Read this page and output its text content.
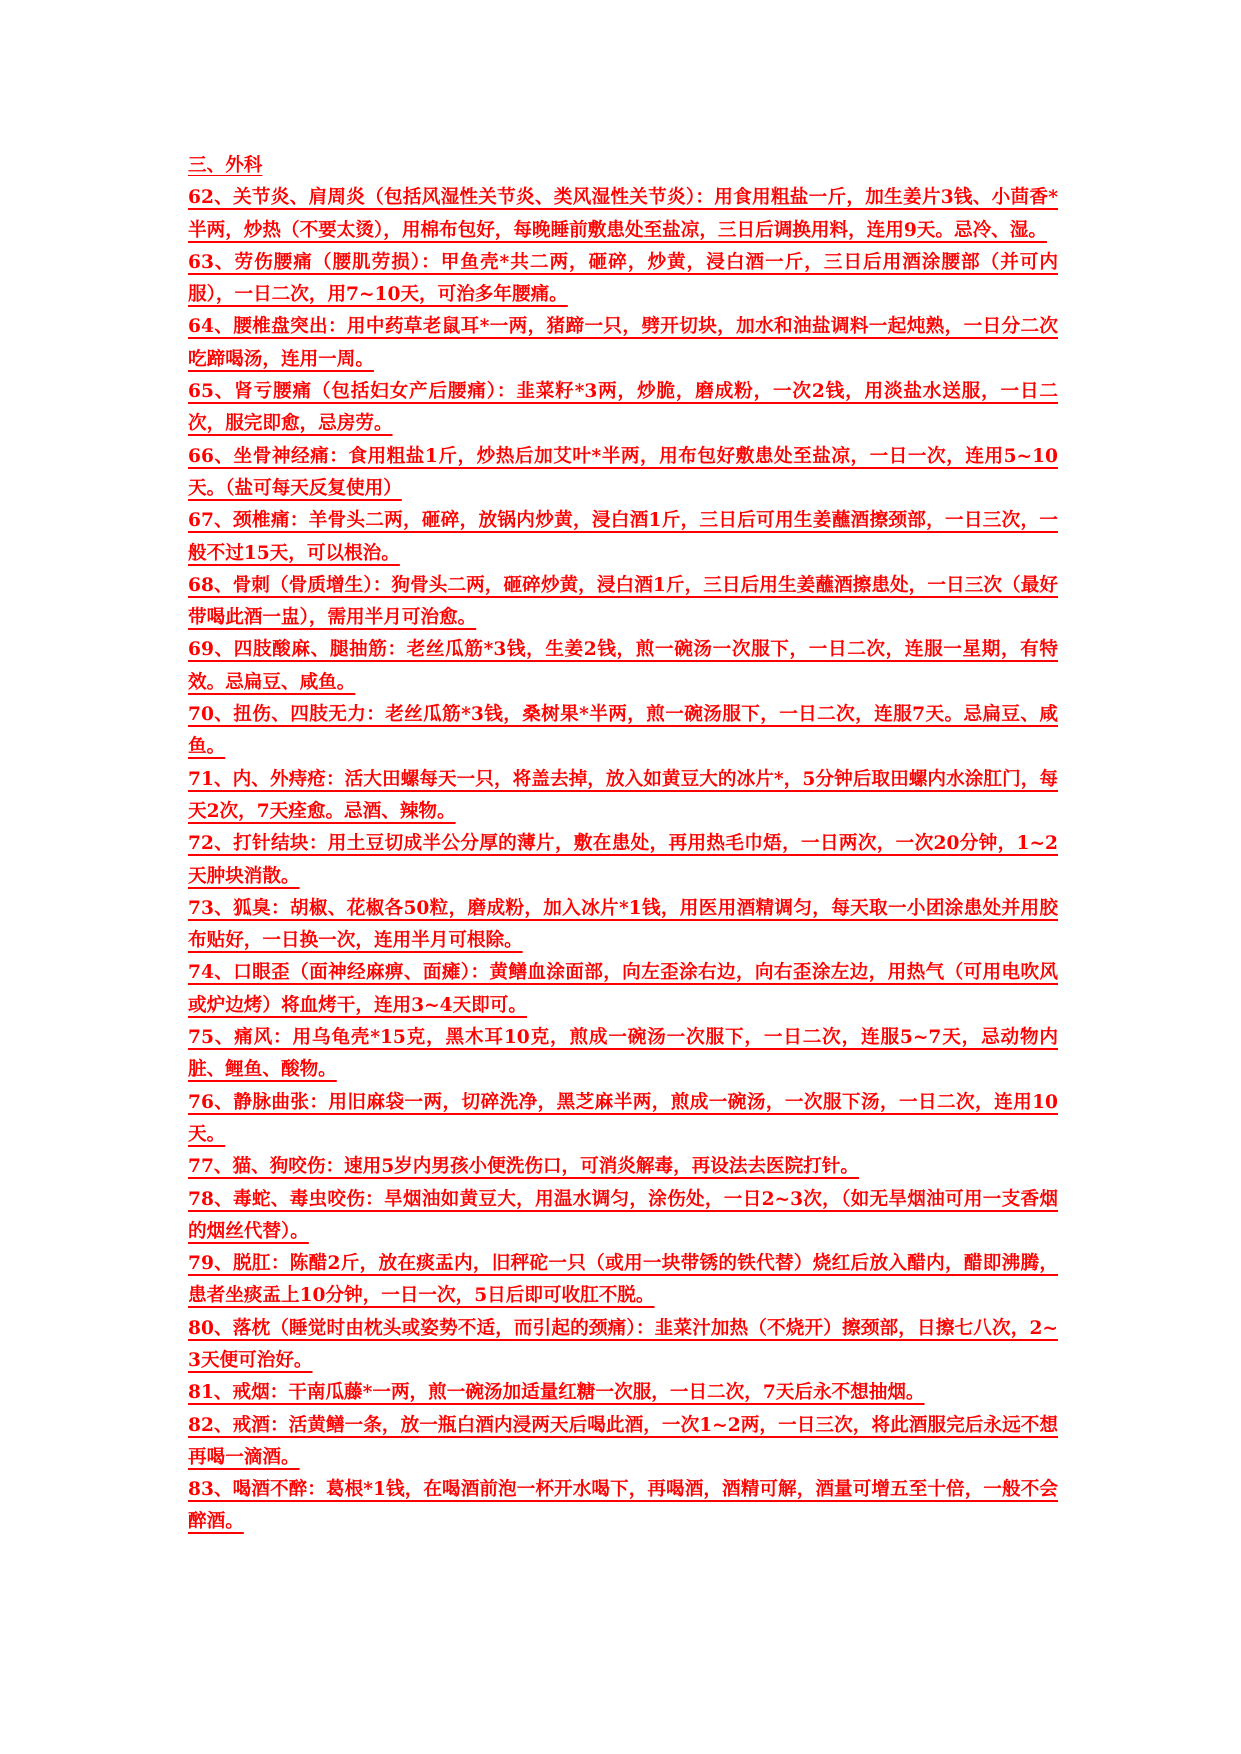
三、外科

62、关节炎、肩周炎（包括风湿性关节炎、类风湿性关节炎）：用食用粗盐一斤，加生姜片3钱、小茴香*半两，炒热（不要太烫），用棉布包好，每晚睡前敷患处至盐凉，三日后调换用料，连用9天。忌冷、湿。

63、劳伤腰痛（腰肌劳损）：甲鱼壳*共二两，砸碎，炒黄，浸白酒一斤，三日后用酒涂腰部（并可内服），一日二次，用7~10天，可治多年腰痛。

64、腰椎盘突出：用中药草老鼠耳*一两，猪蹄一只，劈开切块，加水和油盐调料一起炖熟，一日分二次吃蹄喝汤，连用一周。

65、肾亏腰痛（包括妇女产后腰痛）：韭菜籽*3两，炒脆，磨成粉，一次2钱，用淡盐水送服，一日二次，服完即愈，忌房劳。

66、坐骨神经痛：食用粗盐1斤，炒热后加艾叶*半两，用布包好敷患处至盐凉，一日一次，连用5~10天。（盐可每天反复使用）

67、颈椎痛：羊骨头二两，砸碎，放锅内炒黄，浸白酒1斤，三日后可用生姜蘸酒擦颈部，一日三次，一般不过15天，可以根治。

68、骨刺（骨质增生）：狗骨头二两，砸碎炒黄，浸白酒1斤，三日后用生姜蘸酒擦患处，一日三次（最好带喝此酒一盅），需用半月可治愈。

69、四肢酸麻、腿抽筋：老丝瓜筋*3钱，生姜2钱，煎一碗汤一次服下，一日二次，连服一星期，有特效。忌扁豆、咸鱼。

70、扭伤、四肢无力：老丝瓜筋*3钱，桑树果*半两，煎一碗汤服下，一日二次，连服7天。忌扁豆、咸鱼。

71、内、外痔疮：活大田螺每天一只，将盖去掉，放入如黄豆大的冰片*，5分钟后取田螺内水涂肛门，每天2次，7天痊愈。忌酒、辣物。

72、打针结块：用土豆切成半公分厚的薄片，敷在患处，再用热毛巾焐，一日两次，一次20分钟，1~2天肿块消散。

73、狐臭：胡椒、花椒各50粒，磨成粉，加入冰片*1钱，用医用酒精调匀，每天取一小团涂患处并用胶布贴好，一日换一次，连用半月可根除。

74、口眼歪（面神经麻痹、面瘫）：黄鳝血涂面部，向左歪涂右边，向右歪涂左边，用热气（可用电吹风或炉边烤）将血烤干，连用3~4天即可。

75、痛风：用乌龟壳*15克，黑木耳10克，煎成一碗汤一次服下，一日二次，连服5~7天，忌动物内脏、鲤鱼、酸物。

76、静脉曲张：用旧麻袋一两，切碎洗净，黑芝麻半两，煎成一碗汤，一次服下汤，一日二次，连用10天。

77、猫、狗咬伤：速用5岁内男孩小便洗伤口，可消炎解毒，再设法去医院打针。

78、毒蛇、毒虫咬伤：旱烟油如黄豆大，用温水调匀，涂伤处，一日2~3次，（如无旱烟油可用一支香烟的烟丝代替）。

79、脱肛：陈醋2斤，放在痰盂内，旧秤砣一只（或用一块带锈的铁代替）烧红后放入醋内，醋即沸腾，患者坐痰盂上10分钟，一日一次，5日后即可收肛不脱。

80、落枕（睡觉时由枕头或姿势不适，而引起的颈痛）：韭菜汁加热（不烧开）擦颈部，日擦七八次，2~3天便可治好。

81、戒烟：干南瓜藤*一两，煎一碗汤加适量红糖一次服，一日二次，7天后永不想抽烟。

82、戒酒：活黄鳝一条，放一瓶白酒内浸两天后喝此酒，一次1~2两，一日三次，将此酒服完后永远不想再喝一滴酒。

83、喝酒不醉：葛根*1钱，在喝酒前泡一杯开水喝下，再喝酒，酒精可解，酒量可增五至十倍，一般不会醉酒。
